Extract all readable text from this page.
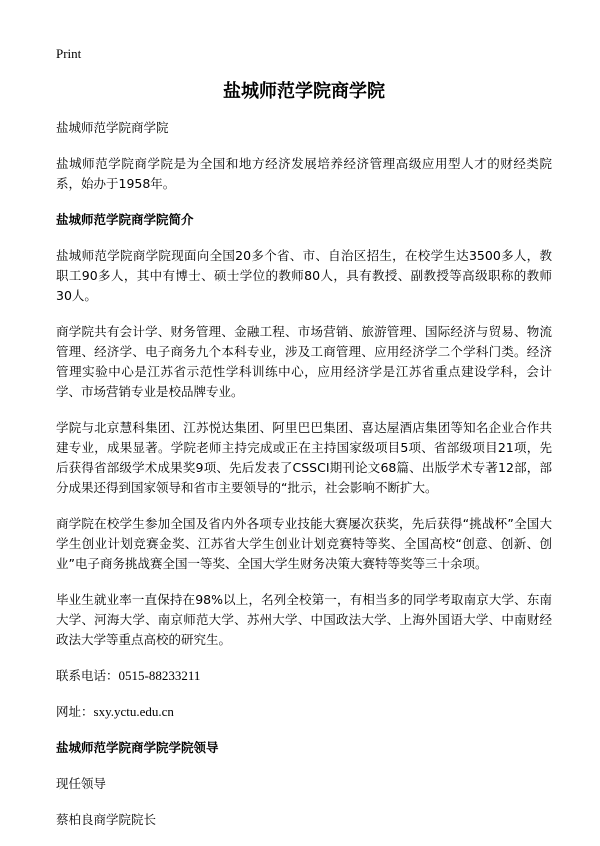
Print
盐城师范学院商学院

盐城师范学院商学院

盐城师范学院商学院是为全国和地方经济发展培养经济管理高级应用型人才的财经类院系，始办于1958年。

盐城师范学院商学院简介

盐城师范学院商学院现面向全国20多个省、市、自治区招生，在校学生达3500多人，教职工90多人，其中有博士、硕士学位的教师80人，具有教授、副教授等高级职称的教师30人。

商学院共有会计学、财务管理、金融工程、市场营销、旅游管理、国际经济与贸易、物流管理、经济学、电子商务九个本科专业，涉及工商管理、应用经济学二个学科门类。经济管理实验中心是江苏省示范性学科训练中心，应用经济学是江苏省重点建设学科，会计学、市场营销专业是校品牌专业。

学院与北京慧科集团、江苏悦达集团、阿里巴巴集团、喜达屋酒店集团等知名企业合作共建专业，成果显著。学院老师主持完成或正在主持国家级项目5项、省部级项目21项，先后获得省部级学术成果奖9项、先后发表了CSSCI期刊论文68篇、出版学术专著12部，部分成果还得到国家领导和省市主要领导的“批示，社会影响不断扩大。

商学院在校学生参加全国及省内外各项专业技能大赛屡次获奖，先后获得“挑战杯”全国大学生创业计划竞赛金奖、江苏省大学生创业计划竞赛特等奖、全国高校“创意、创新、创业”电子商务挑战赛全国一等奖、全国大学生财务决策大赛特等奖等三十余项。

毕业生就业率一直保持在98%以上，名列全校第一，有相当多的同学考取南京大学、东南大学、河海大学、南京师范大学、苏州大学、中国政法大学、上海外国语大学、中南财经政法大学等重点高校的研究生。

联系电话：0515-88233211

网址：sxy.yctu.edu.cn

盐城师范学院商学院学院领导

现任领导

蔡柏良商学院院长
